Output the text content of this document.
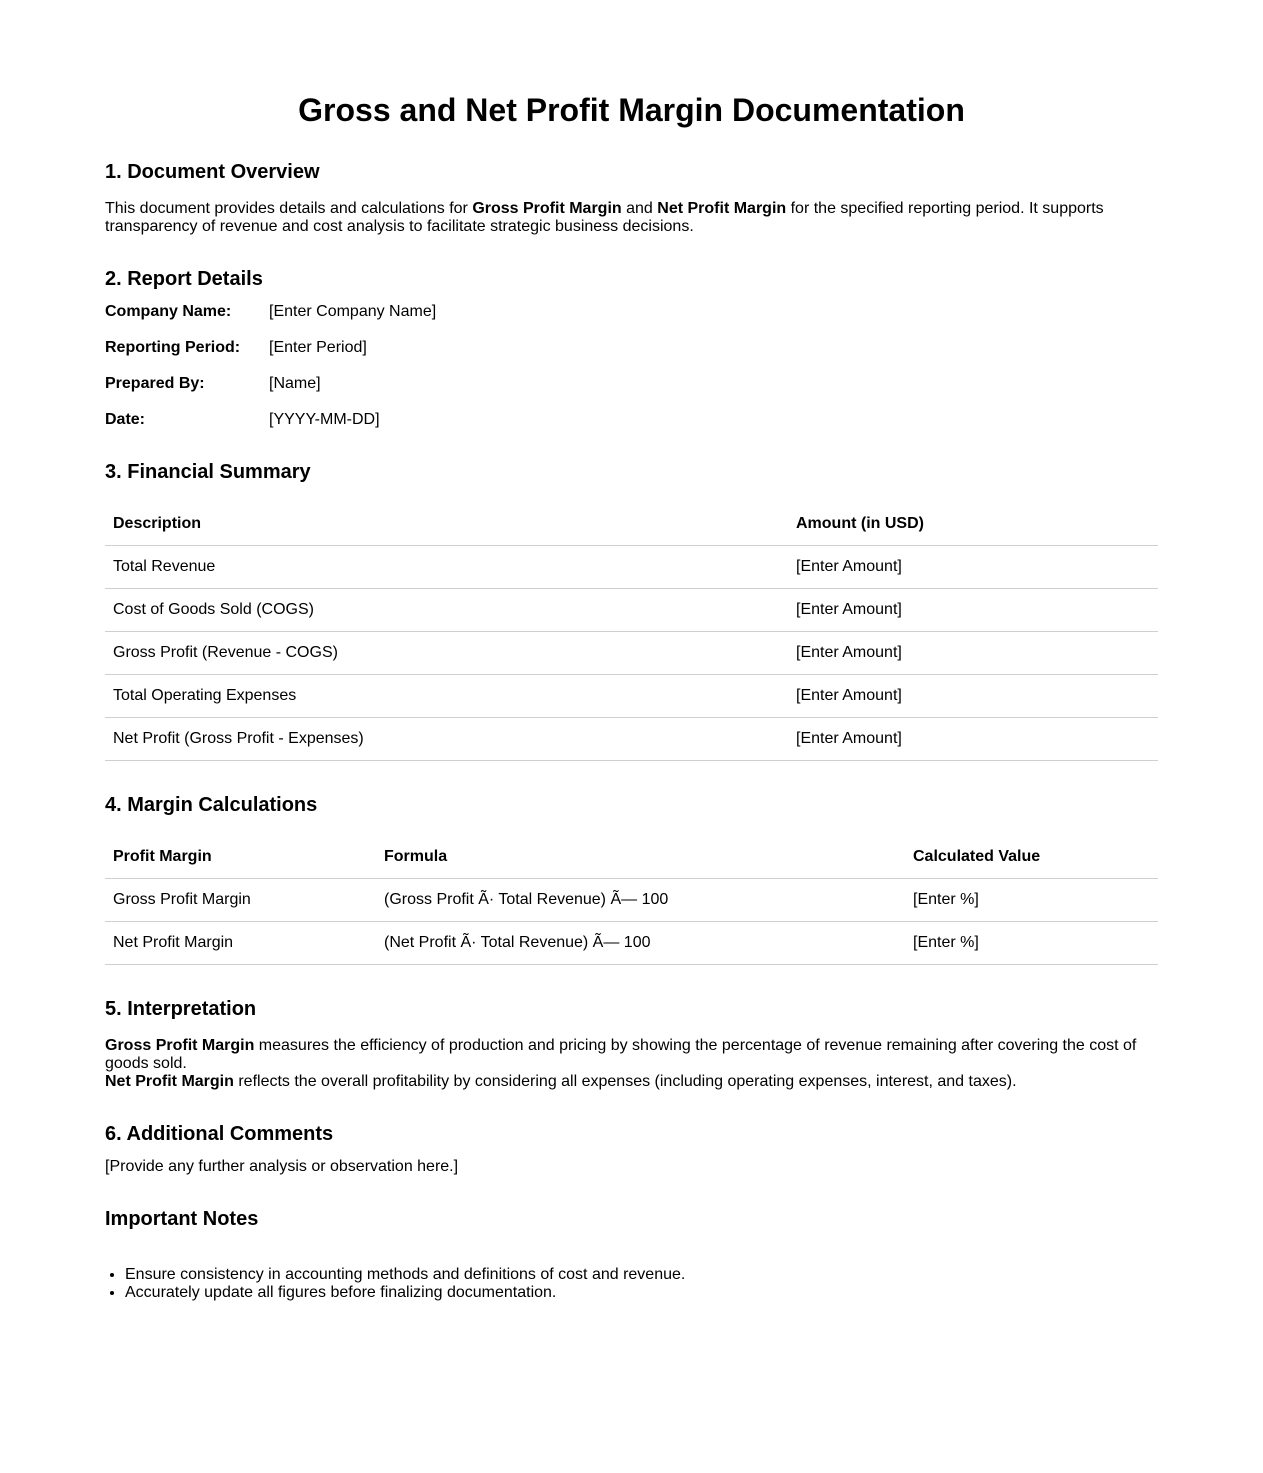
Gross and Net Profit Margin Documentation
1. Document Overview

This document provides details and calculations for Gross Profit Margin and Net Profit Margin for the specified reporting period. It supports transparency of revenue and cost analysis to facilitate strategic business decisions.

2. Report Details
Company Name: [Enter Company Name]
Reporting Period: [Enter Period]
Prepared By:	[Name]
Date:	[YYYY-MM-DD]
3. Financial Summary
Description	Amount (in USD)
Total Revenue	[Enter Amount]
Cost of Goods Sold (COGS)	[Enter Amount]
Gross Profit (Revenue - COGS)	[Enter Amount]
Total Operating Expenses	[Enter Amount]
Net Profit (Gross Profit - Expenses)	[Enter Amount]
4. Margin Calculations
Profit Margin	Formula	Calculated Value
Gross Profit Margin	(Gross Profit Ã· Total Revenue) Ã— 100	[Enter %]
Net Profit Margin	(Net Profit Ã· Total Revenue) Ã— 100	[Enter %]
5. Interpretation

Gross Profit Margin measures the efficiency of production and pricing by showing the percentage of revenue remaining after covering the cost of goods sold.
Net Profit Margin reflects the overall profitability by considering all expenses (including operating expenses, interest, and taxes).

6. Additional Comments

[Provide any further analysis or observation here.]

Important Notes
• Ensure consistency in accounting methods and definitions of cost and revenue.
• Accurately update all figures before finalizing documentation.
